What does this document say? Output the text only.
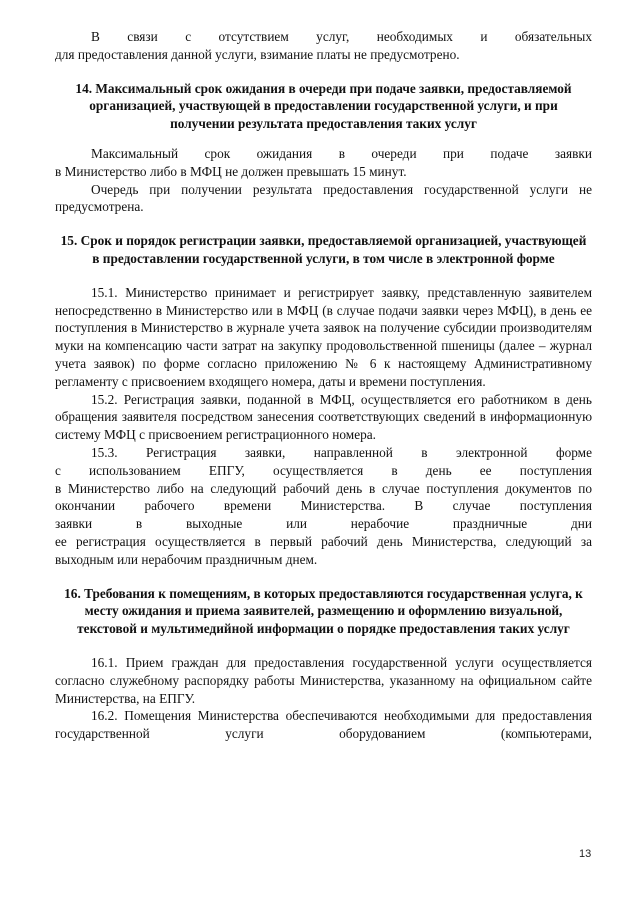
В связи с отсутствием услуг, необходимых и обязательных

для предоставления данной услуги, взимание платы не предусмотрено.

14. Максимальный срок ожидания в очереди при подаче заявки, предоставляемой организацией, участвующей в предоставлении государственной услуги, и при получении результата предоставления таких услуг

Максимальный срок ожидания в очереди при подаче заявки

в Министерство либо в МФЦ не должен превышать 15 минут.

Очередь при получении результата предоставления государственной услуги не предусмотрена.

15. Срок и порядок регистрации заявки, предоставляемой организацией, участвующей в предоставлении государственной услуги, в том числе в электронной форме

15.1. Министерство принимает и регистрирует заявку, представленную заявителем непосредственно в Министерство или в МФЦ (в случае подачи заявки через МФЦ), в день ее поступления в Министерство в журнале учета заявок на получение субсидии производителям муки на компенсацию части затрат на закупку продовольственной пшеницы (далее – журнал учета заявок) по форме согласно приложению № 6 к настоящему Административному регламенту с присвоением входящего номера, даты и времени поступления.

15.2. Регистрация заявки, поданной в МФЦ, осуществляется его работником в день обращения заявителя посредством занесения соответствующих сведений в информационную систему МФЦ с присвоением регистрационного номера.

15.3. Регистрация заявки, направленной в электронной форме

с использованием ЕПГУ, осуществляется в день ее поступления

в Министерство либо на следующий рабочий день в случае поступления документов по окончании рабочего времени Министерства. В случае поступления

заявки в выходные или нерабочие праздничные дни

ее регистрация осуществляется в первый рабочий день Министерства, следующий за выходным или нерабочим праздничным днем.

16. Требования к помещениям, в которых предоставляются государственная услуга, к месту ожидания и приема заявителей, размещению и оформлению визуальной, текстовой и мультимедийной информации о порядке предоставления таких услуг

16.1. Прием граждан для предоставления государственной услуги осуществляется согласно служебному распорядку работы Министерства, указанному на официальном сайте Министерства, на ЕПГУ.

16.2. Помещения Министерства обеспечиваются необходимыми для предоставления государственной услуги оборудованием (компьютерами,

13
